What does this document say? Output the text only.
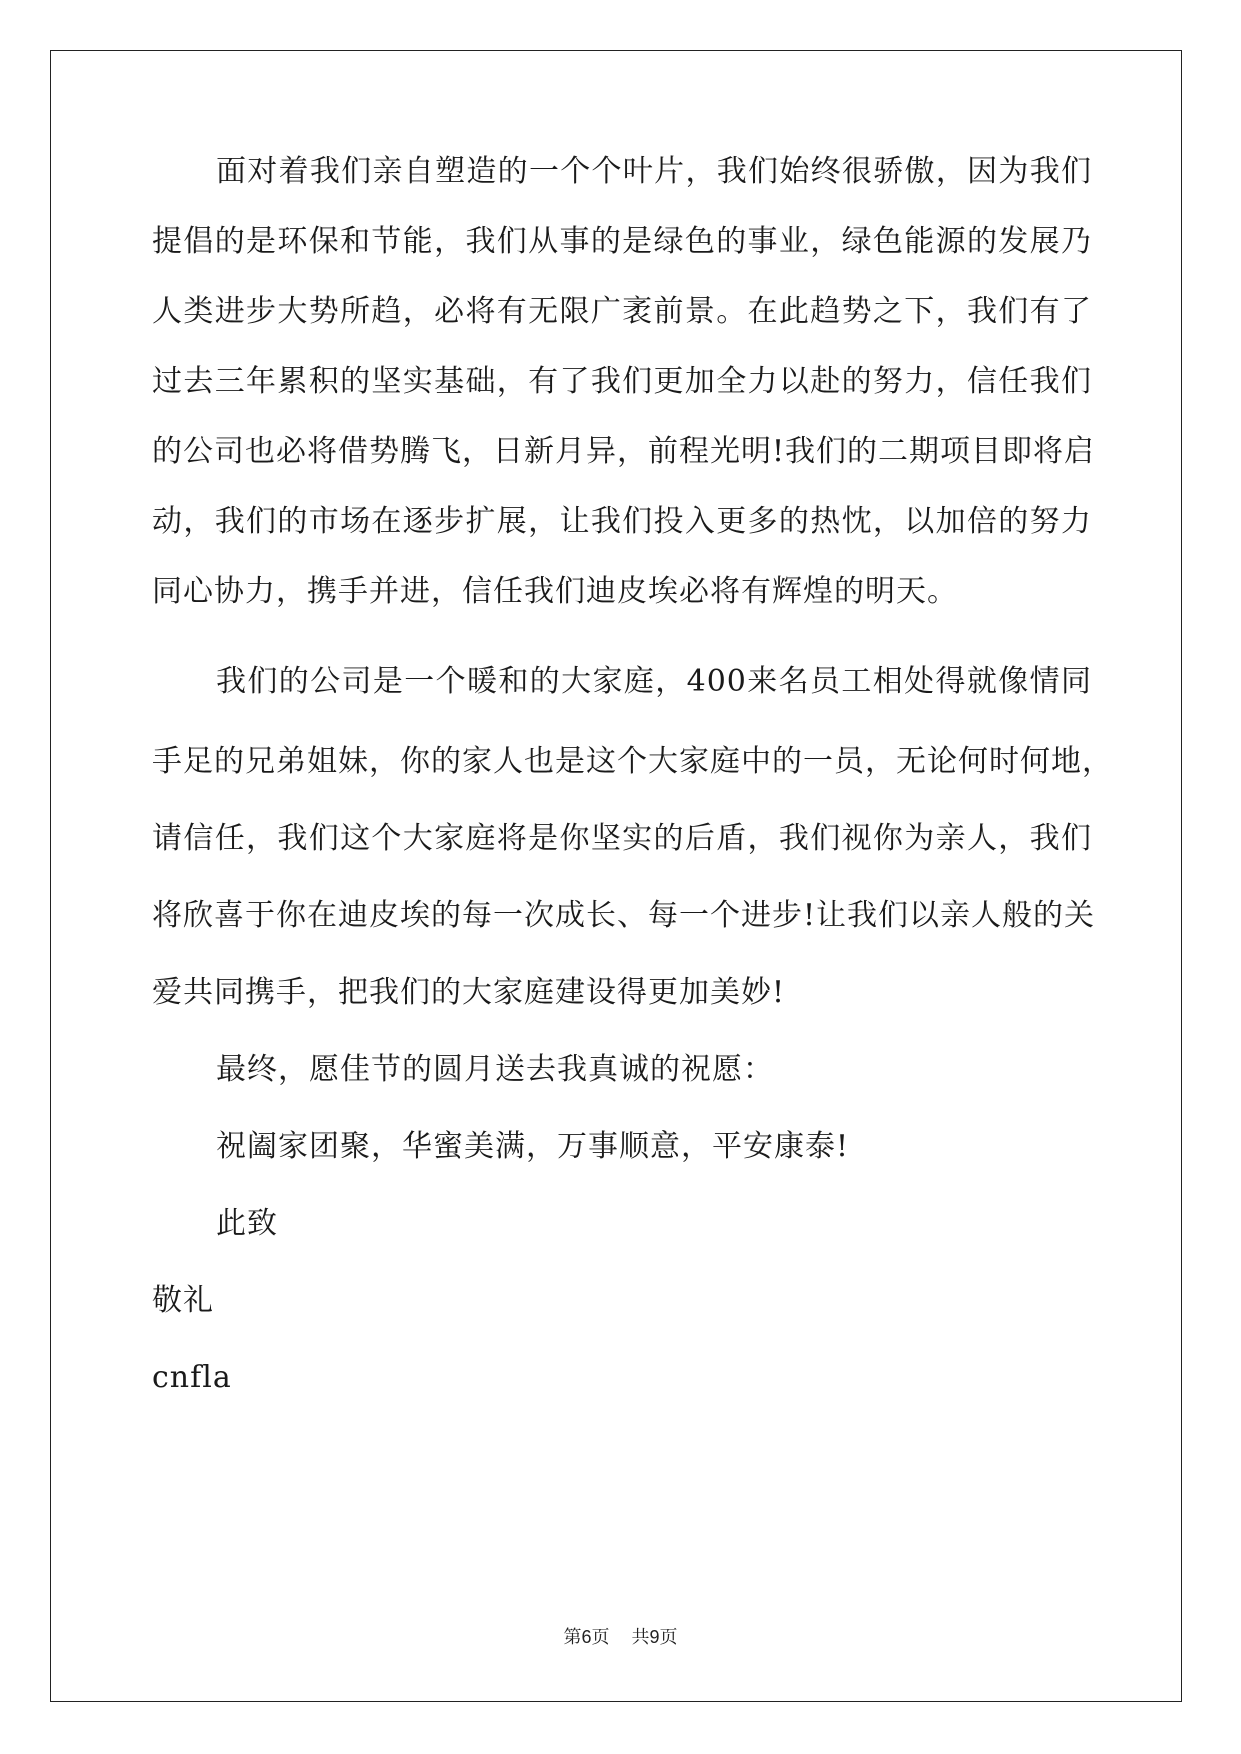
面对着我们亲自塑造的一个个叶片，我们始终很骄傲，因为我们

提倡的是环保和节能，我们从事的是绿色的事业，绿色能源的发展乃

人类进步大势所趋，必将有无限广袤前景。在此趋势之下，我们有了

过去三年累积的坚实基础，有了我们更加全力以赴的努力，信任我们

的公司也必将借势腾飞，日新月异，前程光明!我们的二期项目即将启

动，我们的市场在逐步扩展，让我们投入更多的热忱，以加倍的努力

同心协力，携手并进，信任我们迪皮埃必将有辉煌的明天。

我们的公司是一个暖和的大家庭，400来名员工相处得就像情同

手足的兄弟姐妹，你的家人也是这个大家庭中的一员，无论何时何地，

请信任，我们这个大家庭将是你坚实的后盾，我们视你为亲人，我们

将欣喜于你在迪皮埃的每一次成长、每一个进步!让我们以亲人般的关

爱共同携手，把我们的大家庭建设得更加美妙!

最终，愿佳节的圆月送去我真诚的祝愿：

祝阖家团聚，华蜜美满，万事顺意，平安康泰!

此致

敬礼

cnfla

第6页 共9页
